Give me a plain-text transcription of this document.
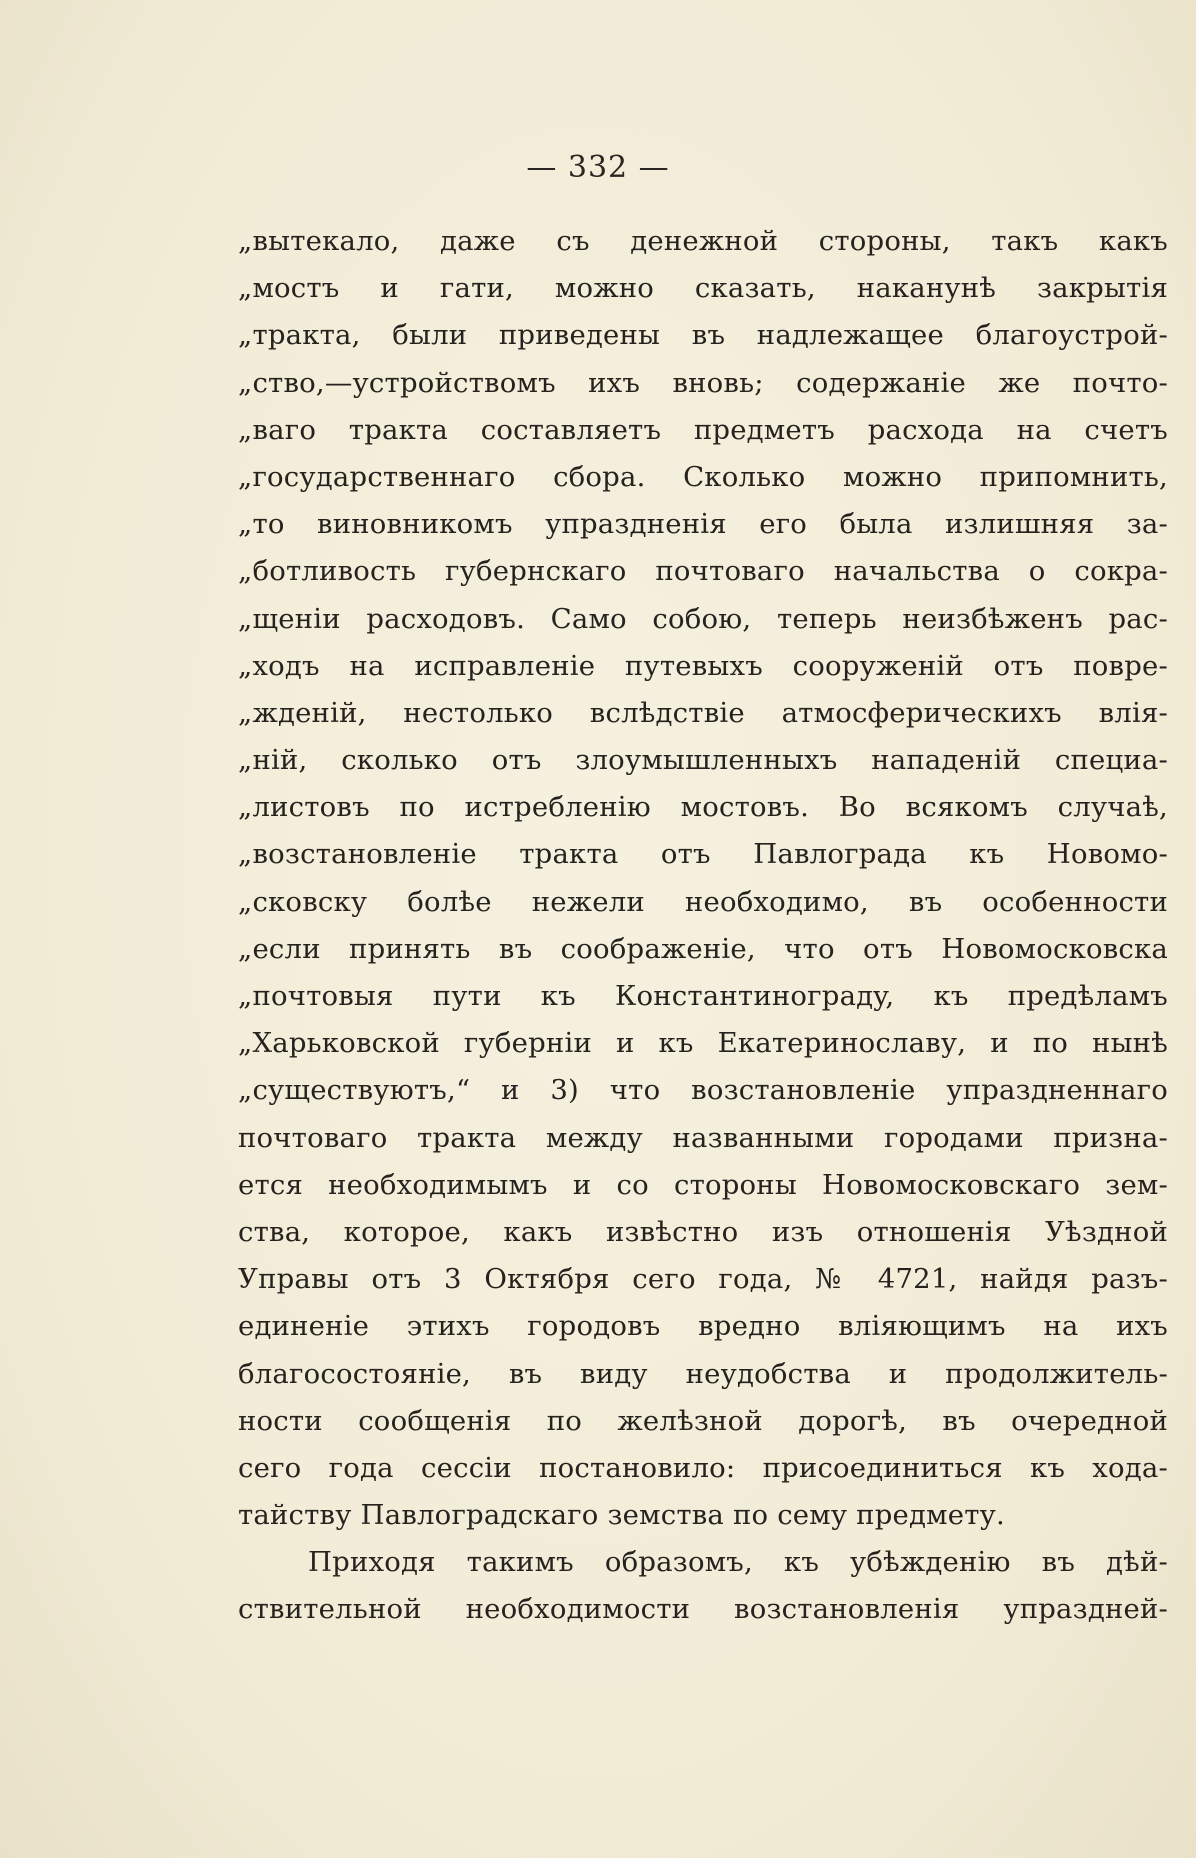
— 332 —
„вытекало, даже съ денежной стороны, такъ какъ
„мостъ и гати, можно сказать, наканунѣ закрытія
„тракта, были приведены въ надлежащее благоустрой-
„ство,—устройствомъ ихъ вновь; содержаніе же почто-
„ваго тракта составляетъ предметъ расхода на счетъ
„государственнаго сбора. Сколько можно припомнить,
„то виновникомъ упраздненія его была излишняя за-
„ботливость губернскаго почтоваго начальства о сокра-
„щеніи расходовъ. Само собою, теперь неизбѣженъ рас-
„ходъ на исправленіе путевыхъ сооруженій отъ повре-
„жденій, нестолько вслѣдствіе атмосферическихъ влія-
„ній, сколько отъ злоумышленныхъ нападеній специа-
„листовъ по истребленію мостовъ. Во всякомъ случаѣ,
„возстановленіе тракта отъ Павлограда къ Новомо-
„сковску болѣе нежели необходимо, въ особенности
„если принять въ соображеніе, что отъ Новомосковска
„почтовыя пути къ Константиноградy, къ предѣламъ
„Харьковской губерніи и къ Екатеринославу, и по нынѣ
„существуютъ,“ и 3) что возстановленіе упраздненнаго
почтоваго тракта между названными городами призна-
ется необходимымъ и со стороны Новомосковскаго зем-
ства, которое, какъ извѣстно изъ отношенія Уѣздной
Управы отъ 3 Октября сего года, № 4721, найдя разъ-
единеніе этихъ городовъ вредно вліяющимъ на ихъ
благосостояніе, въ виду неудобства и продолжитель-
ности сообщенія по желѣзной дорогѣ, въ очередной
сего года сессіи постановило: присоединиться къ хода-
тайству Павлоградскаго земства по сему предмету.
Приходя такимъ образомъ, къ убѣжденію въ дѣй-
ствительной необходимости возстановленія упраздней-
